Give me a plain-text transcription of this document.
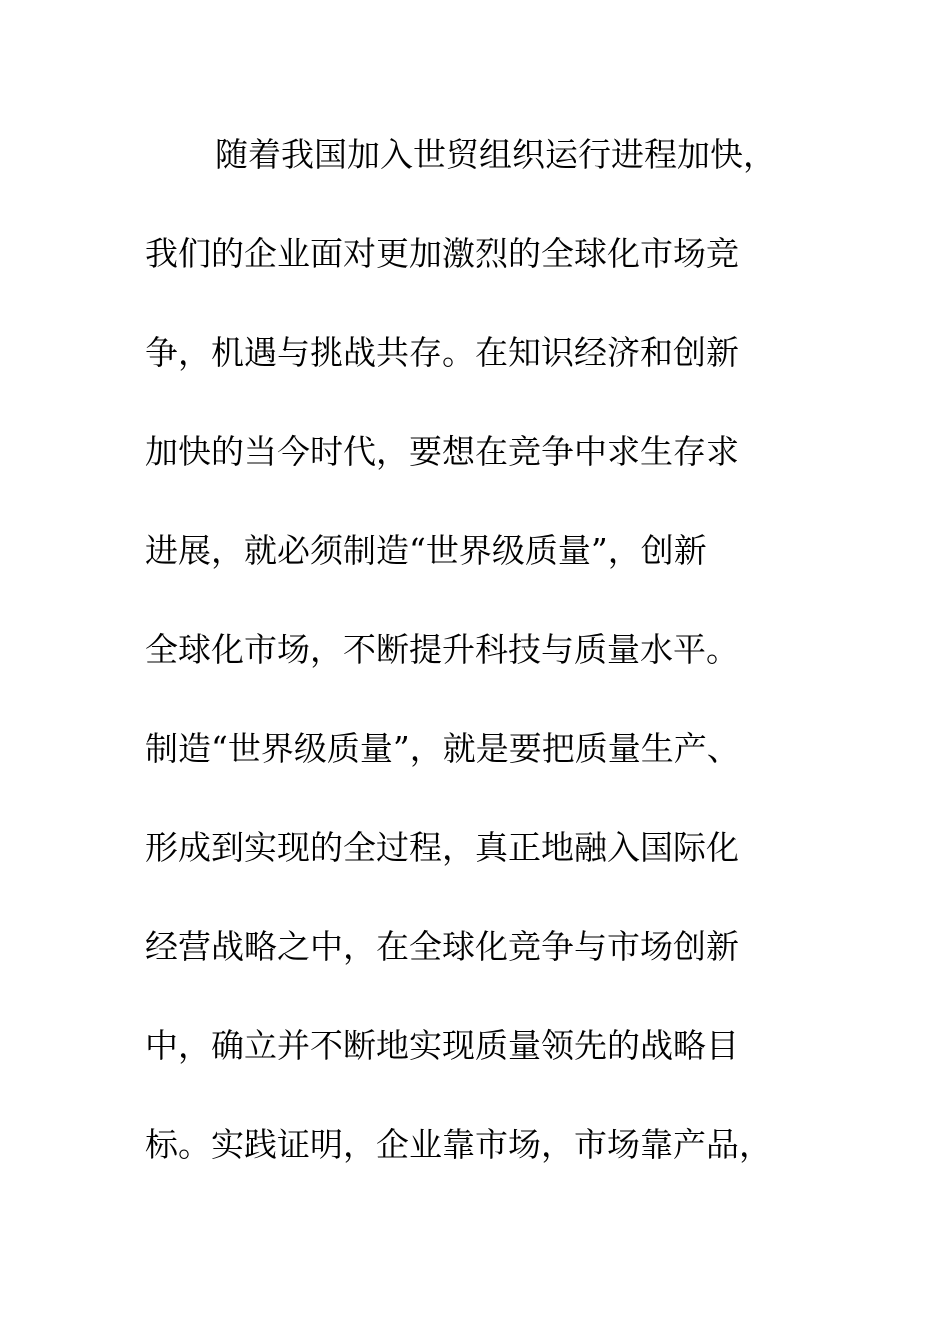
随着我国加入世贸组织运行进程加快，
我们的企业面对更加激烈的全球化市场竞
争，机遇与挑战共存。在知识经济和创新
加快的当今时代，要想在竞争中求生存求
进展，就必须制造“世界级质量”，创新
全球化市场，不断提升科技与质量水平。
制造“世界级质量”，就是要把质量生产、
形成到实现的全过程，真正地融入国际化
经营战略之中，在全球化竞争与市场创新
中，确立并不断地实现质量领先的战略目
标。实践证明，企业靠市场，市场靠产品，
